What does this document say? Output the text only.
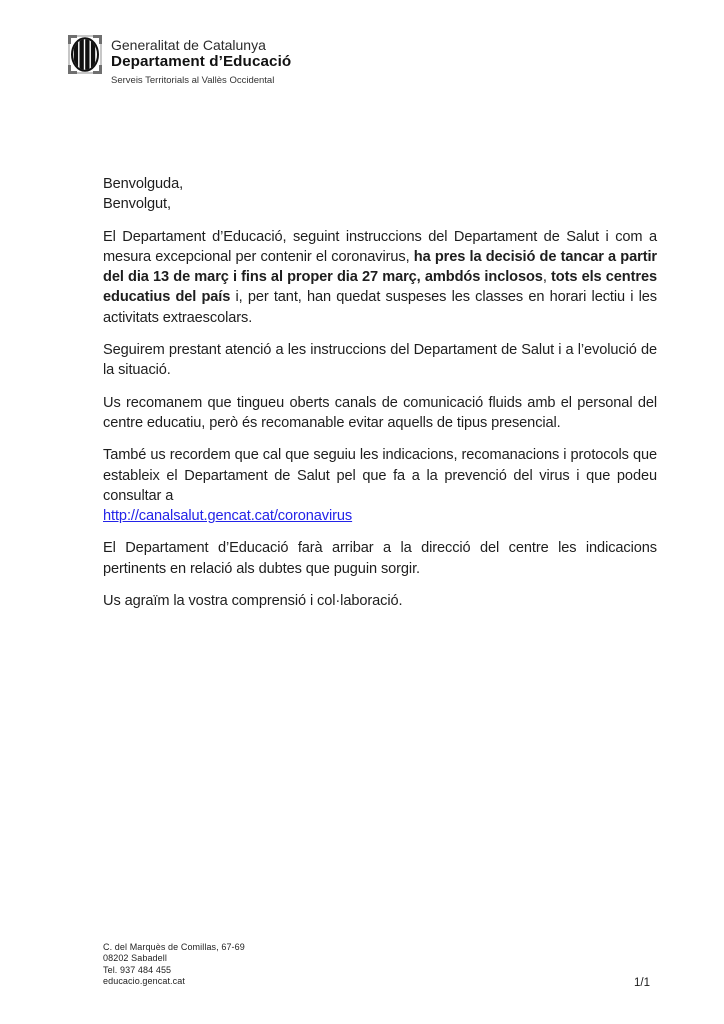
Generalitat de Catalunya
Departament d’Educació
Serveis Territorials al Vallès Occidental

Benvolguda,
Benvolgut,

El Departament d’Educació, seguint instruccions del Departament de Salut i com a mesura excepcional per contenir el coronavirus, ha pres la decisió de tancar a partir del dia 13 de març i fins al proper dia 27 març, ambdós inclosos, tots els centres educatius del país i, per tant, han quedat suspeses les classes en horari lectiu i les activitats extraescolars.

Seguirem prestant atenció a les instruccions del Departament de Salut i a l’evolució de la situació.

Us recomanem que tingueu oberts canals de comunicació fluids amb el personal del centre educatiu, però és recomanable evitar aquells de tipus presencial.

També us recordem que cal que seguiu les indicacions, recomanacions i protocols que estableix el Departament de Salut pel que fa a la prevenció del virus i que podeu consultar a
http://canalsalut.gencat.cat/coronavirus

El Departament d’Educació farà arribar a la direcció del centre les indicacions pertinents en relació als dubtes que puguin sorgir.

Us agraïm la vostra comprensió i col·laboració.

C. del Marquès de Comillas, 67-69
08202 Sabadell
Tel. 937 484 455
educacio.gencat.cat	1/1
